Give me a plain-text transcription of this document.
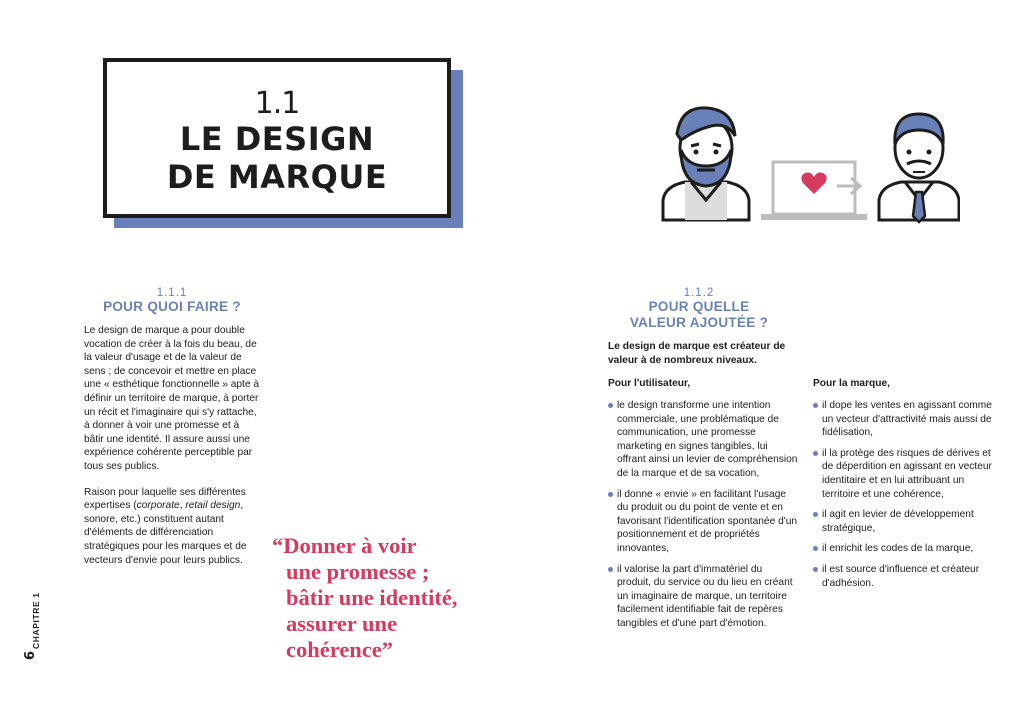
1.1
LE DESIGN
DE MARQUE
1.1.1
POUR QUOI FAIRE ?

Le design de marque a pour double vocation de créer à la fois du beau, de la valeur d'usage et de la valeur de sens ; de concevoir et mettre en place une « esthétique fonctionnelle » apte à définir un territoire de marque, à porter un récit et l'imaginaire qui s'y rattache, à donner à voir une promesse et à bâtir une identité. Il assure aussi une expérience cohérente perceptible par tous ses publics.

Raison pour laquelle ses différentes expertises (corporate, retail design, sonore, etc.) constituent autant d'éléments de différenciation stratégiques pour les marques et de vecteurs d'envie pour leurs publics.

“Donner à voir
une promesse ;
bâtir une identité,
assurer une
cohérence”
1.1.2
POUR QUELLE
VALEUR AJOUTÉE ?
Le design de marque est créateur de valeur à de nombreux niveaux.
Pour l'utilisateur,
le design transforme une intention commerciale, une problématique de communication, une promesse marketing en signes tangibles, lui offrant ainsi un levier de compréhension de la marque et de sa vocation,
il donne « envie » en facilitant l'usage du produit ou du point de vente et en favorisant l'identification spontanée d'un positionnement et de propriétés innovantes,
il valorise la part d'immatériel du produit, du service ou du lieu en créant un imaginaire de marque, un territoire facilement identifiable fait de repères tangibles et d'une part d'émotion.
Pour la marque,
il dope les ventes en agissant comme un vecteur d'attractivité mais aussi de fidélisation,
il la protège des risques de dérives et de déperdition en agissant en vecteur identitaire et en lui attribuant un territoire et une cohérence,
il agit en levier de développement stratégique,
il enrichit les codes de la marque,
il est source d'influence et créateur d'adhésion.
CHAPITRE 1
6
